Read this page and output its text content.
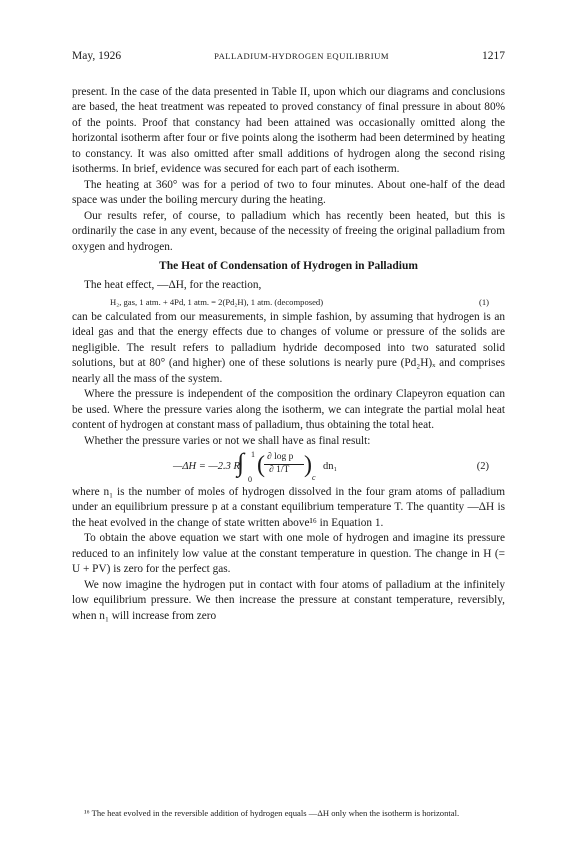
May, 1926	PALLADIUM-HYDROGEN EQUILIBRIUM	1217

present. In the case of the data presented in Table II, upon which our diagrams and conclusions are based, the heat treatment was repeated to proved constancy of final pressure in about 80% of the points. Proof that constancy had been attained was occasionally omitted along the horizontal isotherm after four or five points along the isotherm had been determined by heating to constancy. It was also omitted after small additions of hydrogen along the second rising isotherms. In brief, evidence was secured for each part of each isotherm.

The heating at 360° was for a period of two to four minutes. About one-half of the dead space was under the boiling mercury during the heating.

Our results refer, of course, to palladium which has recently been heated, but this is ordinarily the case in any event, because of the necessity of freeing the original palladium from oxygen and hydrogen.

The Heat of Condensation of Hydrogen in Palladium

The heat effect, —ΔH, for the reaction,

H₂, gas, 1 atm. + 4Pd, 1 atm. = 2(Pd₂H), 1 atm. (decomposed)	(1)

can be calculated from our measurements, in simple fashion, by assuming that hydrogen is an ideal gas and that the energy effects due to changes of volume or pressure of the solids are negligible. The result refers to palladium hydride decomposed into two saturated solid solutions, but at 80° (and higher) one of these solutions is nearly pure (Pd₂H)ₓ and comprises nearly all the mass of the system.

Where the pressure is independent of the composition the ordinary Clapeyron equation can be used. Where the pressure varies along the isotherm, we can integrate the partial molal heat content of hydrogen at constant mass of palladium, thus obtaining the total heat.

Whether the pressure varies or not we shall have as final result:

—ΔH = —2.3 R
∫ 1
0
( ∂ log p
∂ 1/T ) c
dn₁	(2)

where n₁ is the number of moles of hydrogen dissolved in the four gram atoms of palladium under an equilibrium pressure p at a constant equilibrium temperature T. The quantity —ΔH is the heat evolved in the change of state written above¹⁶ in Equation 1.

To obtain the above equation we start with one mole of hydrogen and imagine its pressure reduced to an infinitely low value at the constant temperature in question. The change in H (= U + PV) is zero for the perfect gas.

We now imagine the hydrogen put in contact with four atoms of palladium at the infinitely low equilibrium pressure. We then increase the pressure at constant temperature, reversibly, when n₁ will increase from zero

¹⁶ The heat evolved in the reversible addition of hydrogen equals —ΔH only when the isotherm is horizontal.
